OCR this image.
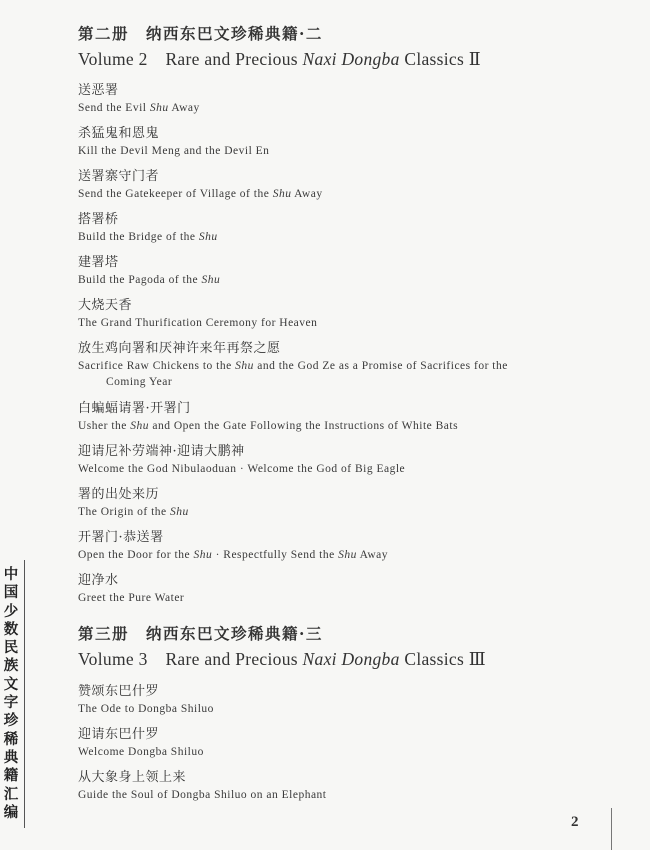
第二册　纳西东巴文珍稀典籍·二
Volume 2　Rare and Precious Naxi Dongba Classics Ⅱ
送恶署
Send the Evil Shu Away
杀猛鬼和恩鬼
Kill the Devil Meng and the Devil En
送署寨守门者
Send the Gatekeeper of Village of the Shu Away
搭署桥
Build the Bridge of the Shu
建署塔
Build the Pagoda of the Shu
大烧天香
The Grand Thurification Ceremony for Heaven
放生鸡向署和厌神许来年再祭之愿
Sacrifice Raw Chickens to the Shu and the God Ze as a Promise of Sacrifices for the
Coming Year
白蝙蝠请署·开署门
Usher the Shu and Open the Gate Following the Instructions of White Bats
迎请尼补劳端神·迎请大鹏神
Welcome the God Nibulaoduan · Welcome the God of Big Eagle
署的出处来历
The Origin of the Shu
开署门·恭送署
Open the Door for the Shu · Respectfully Send the Shu Away
迎净水
Greet the Pure Water
第三册　纳西东巴文珍稀典籍·三
Volume 3　Rare and Precious Naxi Dongba Classics Ⅲ
赞颂东巴什罗
The Ode to Dongba Shiluo
迎请东巴什罗
Welcome Dongba Shiluo
从大象身上领上来
Guide the Soul of Dongba Shiluo on an Elephant
中
国
少
数
民
族
文
字
珍
稀
典
籍
汇
编
2
